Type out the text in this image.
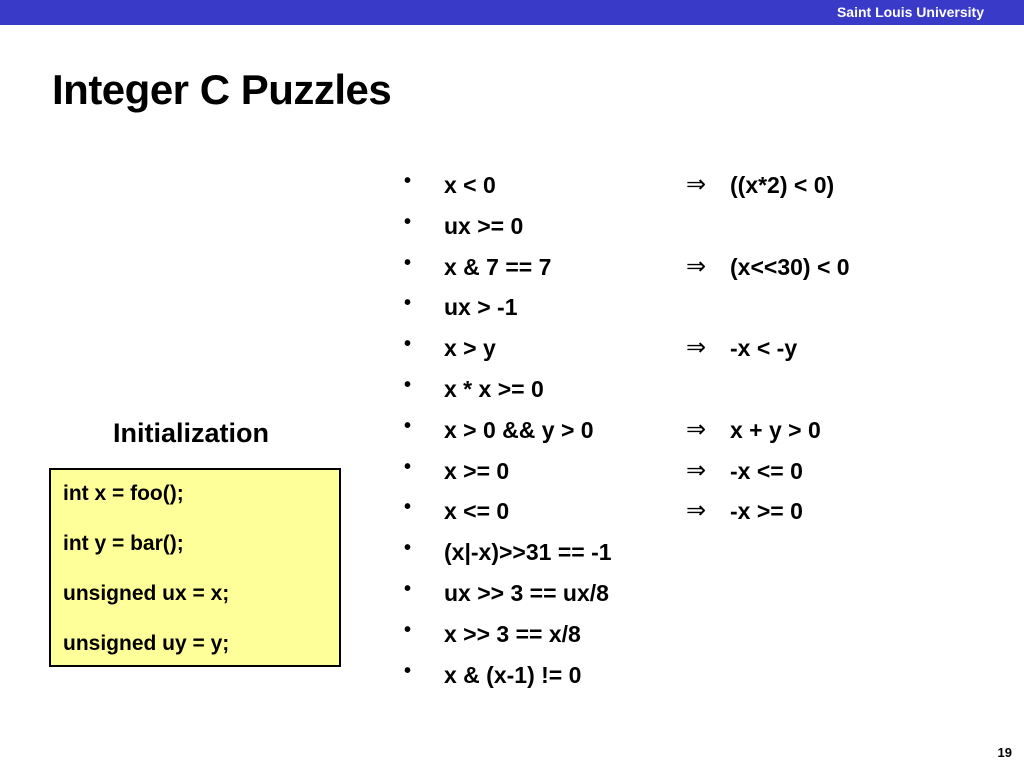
Saint Louis University
Integer C Puzzles
Initialization
int x = foo();
int y = bar();
unsigned ux = x;
unsigned uy = y;
• x < 0	⇒ ((x*2) < 0)
• ux >= 0
• x & 7 == 7	⇒ (x<<30) < 0
• ux > -1
• x > y	⇒ -x < -y
• x * x >= 0
• x > 0 && y > 0	⇒ x + y > 0
• x >= 0	⇒ -x <= 0
• x <= 0	⇒ -x >= 0
• (x|-x)>>31 == -1
• ux >> 3 == ux/8
• x >> 3 == x/8
• x & (x-1) != 0
19
